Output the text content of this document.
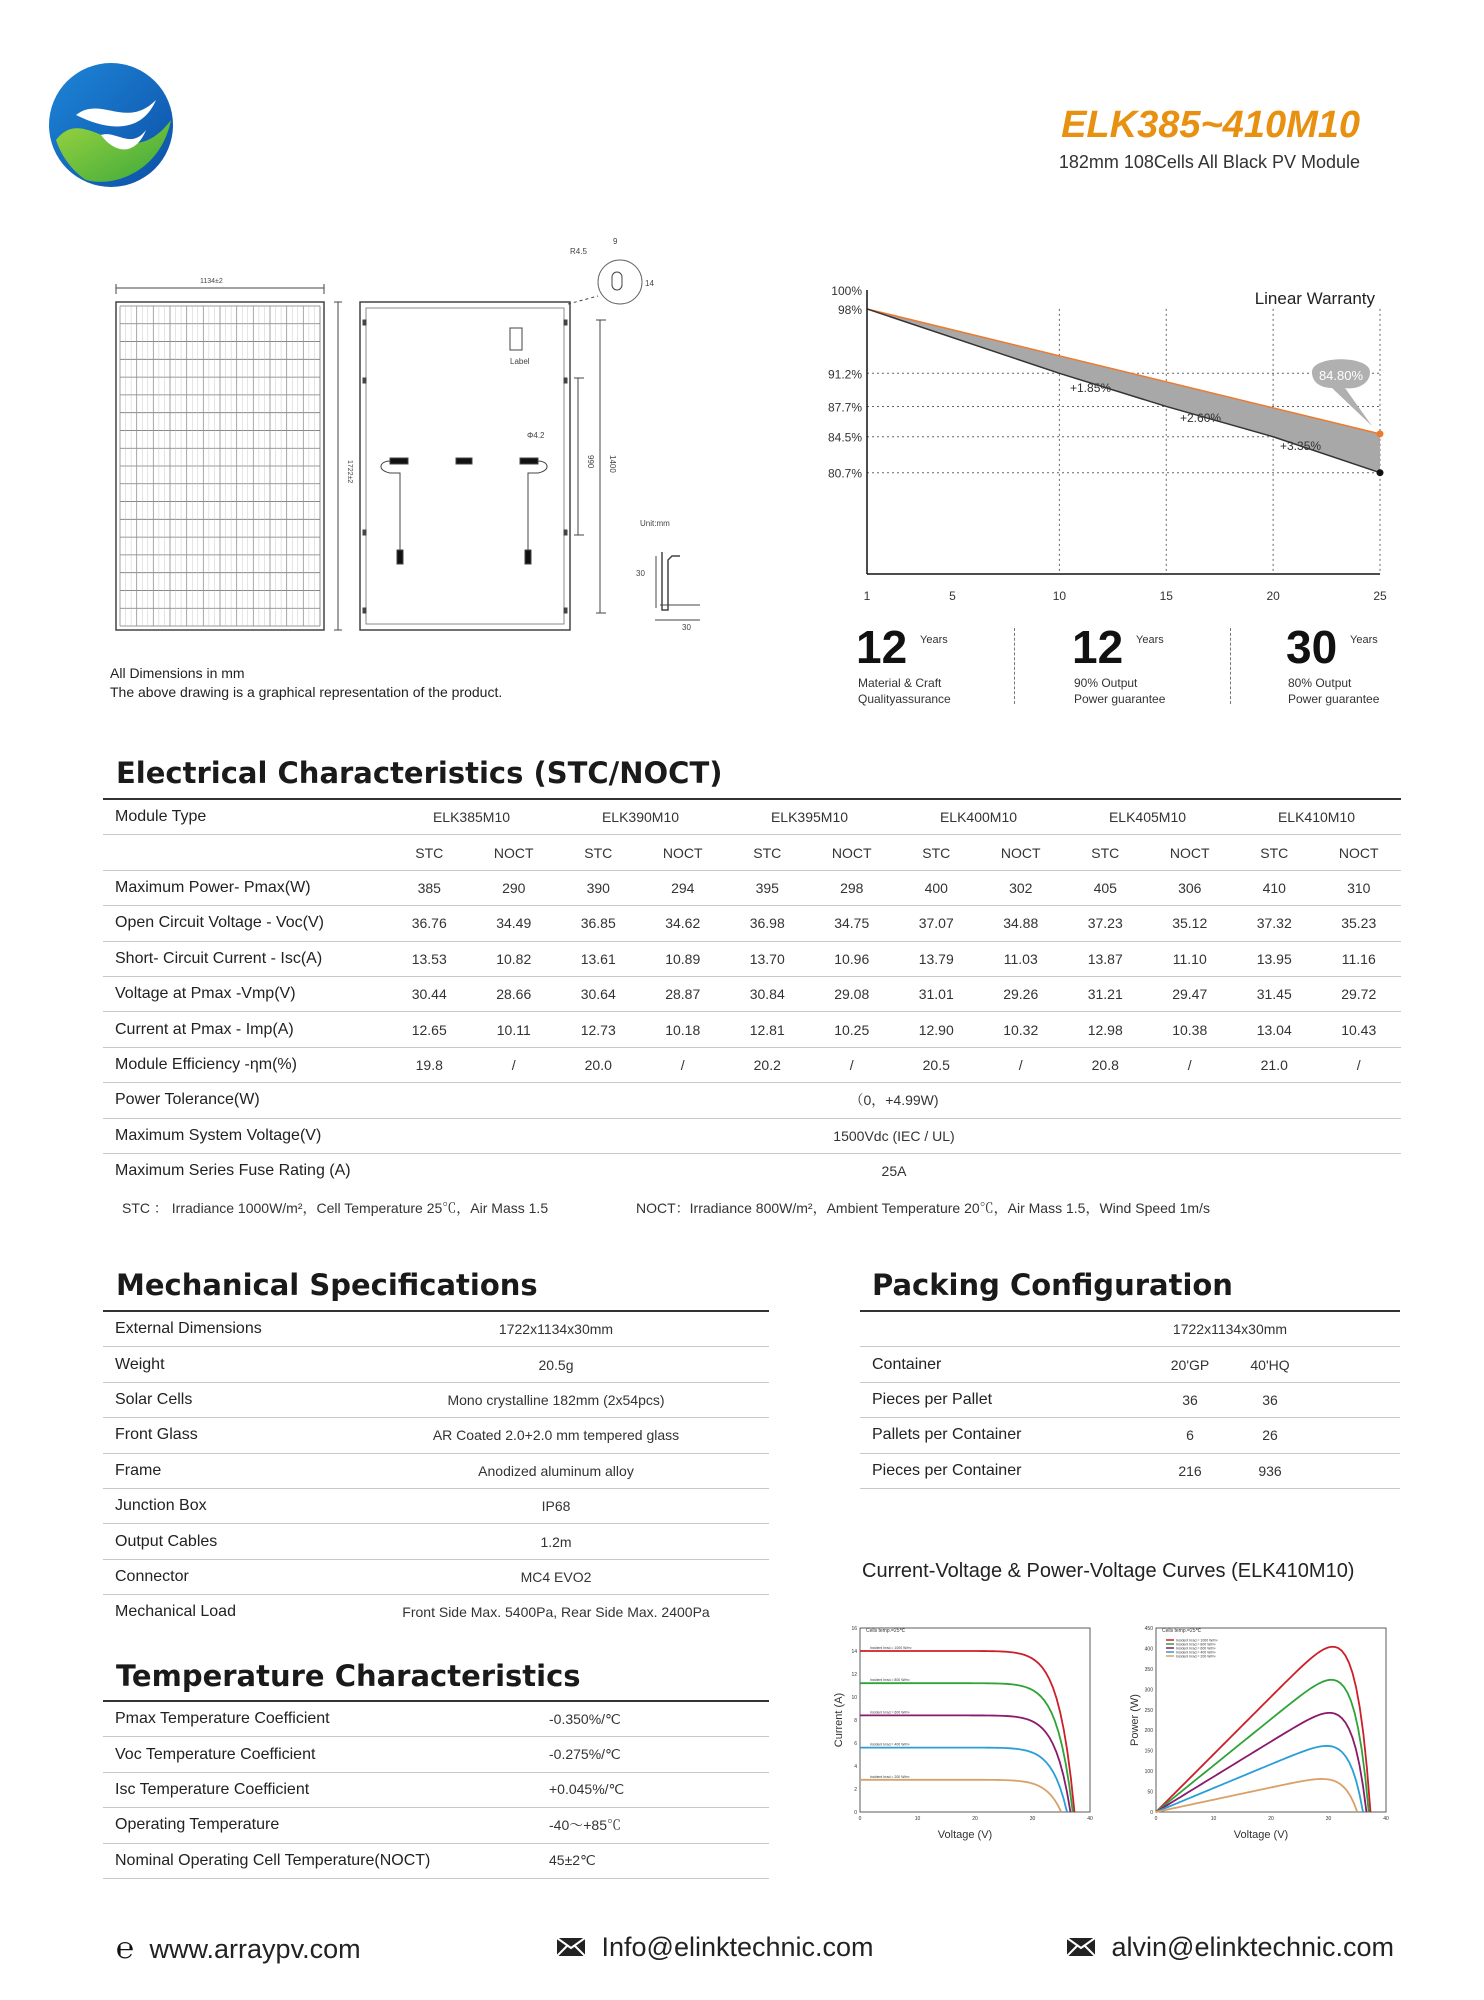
ELK385~410M10
182mm 108Cells All Black PV Module
1134±2
1722±2
Label
R4.5
9
14
Φ4.2
990 1400
Unit:mm
30
30
All Dimensions in mm
The above drawing is a graphical representation of the product.
100%
98%
91.2%
87.7%
84.5%
80.7%
1	5	10	15	20	25
84.80%
Linear Warranty
+1.85%
+2.60%
+3.35%
12 Years
Material & Craft
Qualityassurance
12 Years
90% Output
Power guarantee
30 Years
80% Output
Power guarantee
Electrical Characteristics (STC/NOCT)
Module Type	ELK385M10		ELK390M10		ELK395M10		ELK400M10		ELK405M10		ELK410M10	
	STC	NOCT	STC	NOCT	STC	NOCT	STC	NOCT	STC	NOCT	STC	NOCT
Maximum Power- Pmax(W)	385	290	390	294	395	298	400	302	405	306	410	310
Open Circuit Voltage - Voc(V)	36.76	34.49	36.85	34.62	36.98	34.75	37.07	34.88	37.23	35.12	37.32	35.23
Short- Circuit Current - Isc(A)	13.53	10.82	13.61	10.89	13.70	10.96	13.79	11.03	13.87	11.10	13.95	11.16
Voltage at Pmax -Vmp(V)	30.44	28.66	30.64	28.87	30.84	29.08	31.01	29.26	31.21	29.47	31.45	29.72
Current at Pmax - Imp(A)	12.65	10.11	12.73	10.18	12.81	10.25	12.90	10.32	12.98	10.38	13.04	10.43
Module Efficiency -ηm(%)	19.8	/	20.0	/	20.2	/	20.5	/	20.8	/	21.0	/
Power Tolerance(W)	（0，+4.99W)											
Maximum System Voltage(V)	1500Vdc (IEC / UL)											
Maximum Series Fuse Rating (A)	25A											
STC ： Irradiance 1000W/m²，Cell Temperature 25℃，Air Mass 1.5	NOCT：Irradiance 800W/m²，Ambient Temperature 20℃，Air Mass 1.5，Wind Speed 1m/s
Mechanical Specifications
External Dimensions	1722x1134x30mm
Weight	20.5g
Solar Cells	Mono crystalline 182mm (2x54pcs)
Front Glass	AR Coated 2.0+2.0 mm tempered glass
Frame	Anodized aluminum alloy
Junction Box	IP68
Output Cables	1.2m
Connector	MC4 EVO2
Mechanical Load	Front Side Max. 5400Pa, Rear Side Max. 2400Pa
Packing Configuration
	1722x1134x30mm		
Container	20'GP	40'HQ	
Pieces per Pallet	36	36	
Pallets per Container	6	26	
Pieces per Container	216	936	
Temperature Characteristics
Pmax Temperature Coefficient	-0.350%/℃
Voc Temperature Coefficient	-0.275%/℃
Isc Temperature Coefficient	+0.045%/℃
Operating Temperature	-40～+85℃
Nominal Operating Cell Temperature(NOCT)	45±2℃
Current-Voltage & Power-Voltage Curves (ELK410M10)
0
2
4
6
8
10
12
14
16
0	10	20	30	40
Cells temp.=25℃
Current (A)
Voltage (V)
Incident Irrad.= 1000 W/m²
Incident Irrad.= 800 W/m²
Incident Irrad.= 600 W/m²
Incident Irrad.= 400 W/m²
Incident Irrad.= 200 W/m²
0
50
100
150
200
250
300
350
400
450
0	10	20	30	40
Cells temp.=25℃
Power (W)
Voltage (V)
Incident Irrad.= 1000 W/m²
Incident Irrad.= 800 W/m²
Incident Irrad.= 600 W/m²
Incident Irrad.= 400 W/m²
Incident Irrad.= 200 W/m²
℮ www.arraypv.com	Info@elinktechnic.com	alvin@elinktechnic.com
